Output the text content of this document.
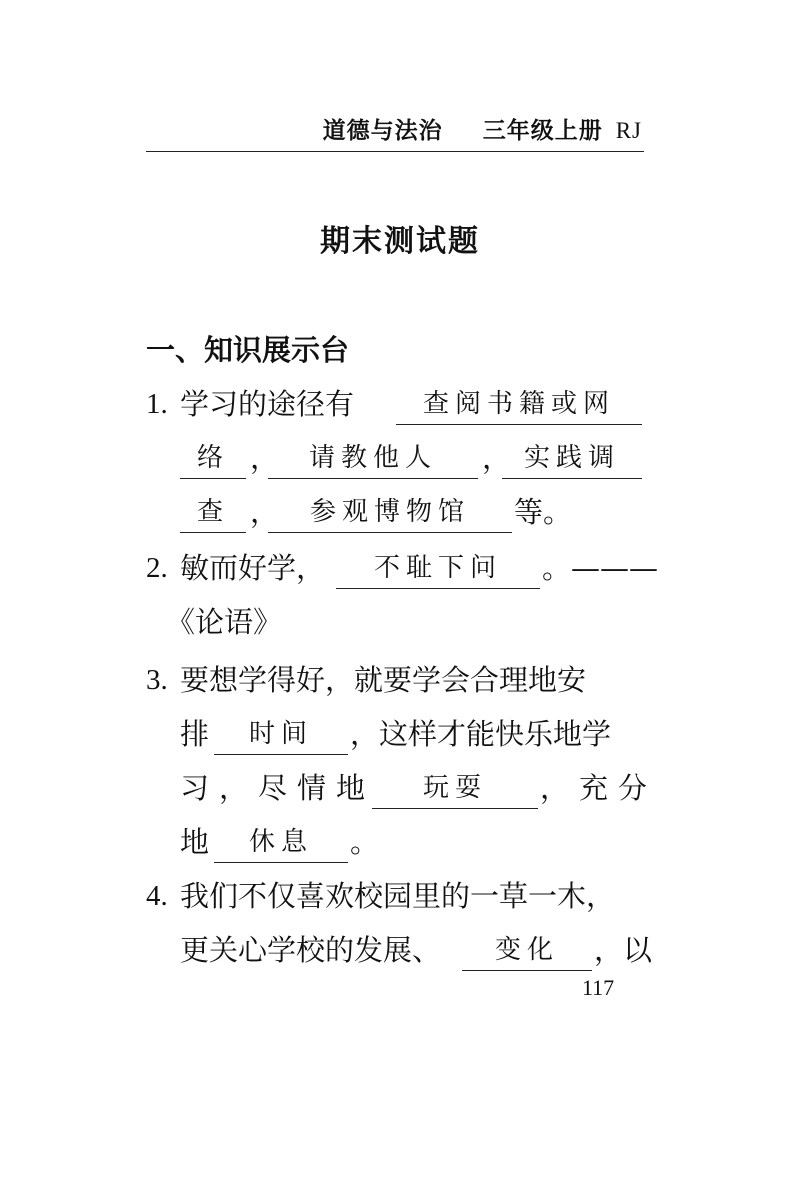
道德与法治 三年级上册 RJ
期末测试题
一、知识展示台
1. 学习的途径有	查阅书籍或网
络 ，	请教他人	， 实践调
查 ，	参观博物馆	等。
2. 敏而好学，	不耻下问	。———
《论语》
3. 要想学得好，就要学会合理地安
排	时间	，这样才能快乐地学
习，尽情地	玩耍	，充分
地	休息	。
4. 我们不仅喜欢校园里的一草一木，
更关心学校的发展、	变化	，以
117
